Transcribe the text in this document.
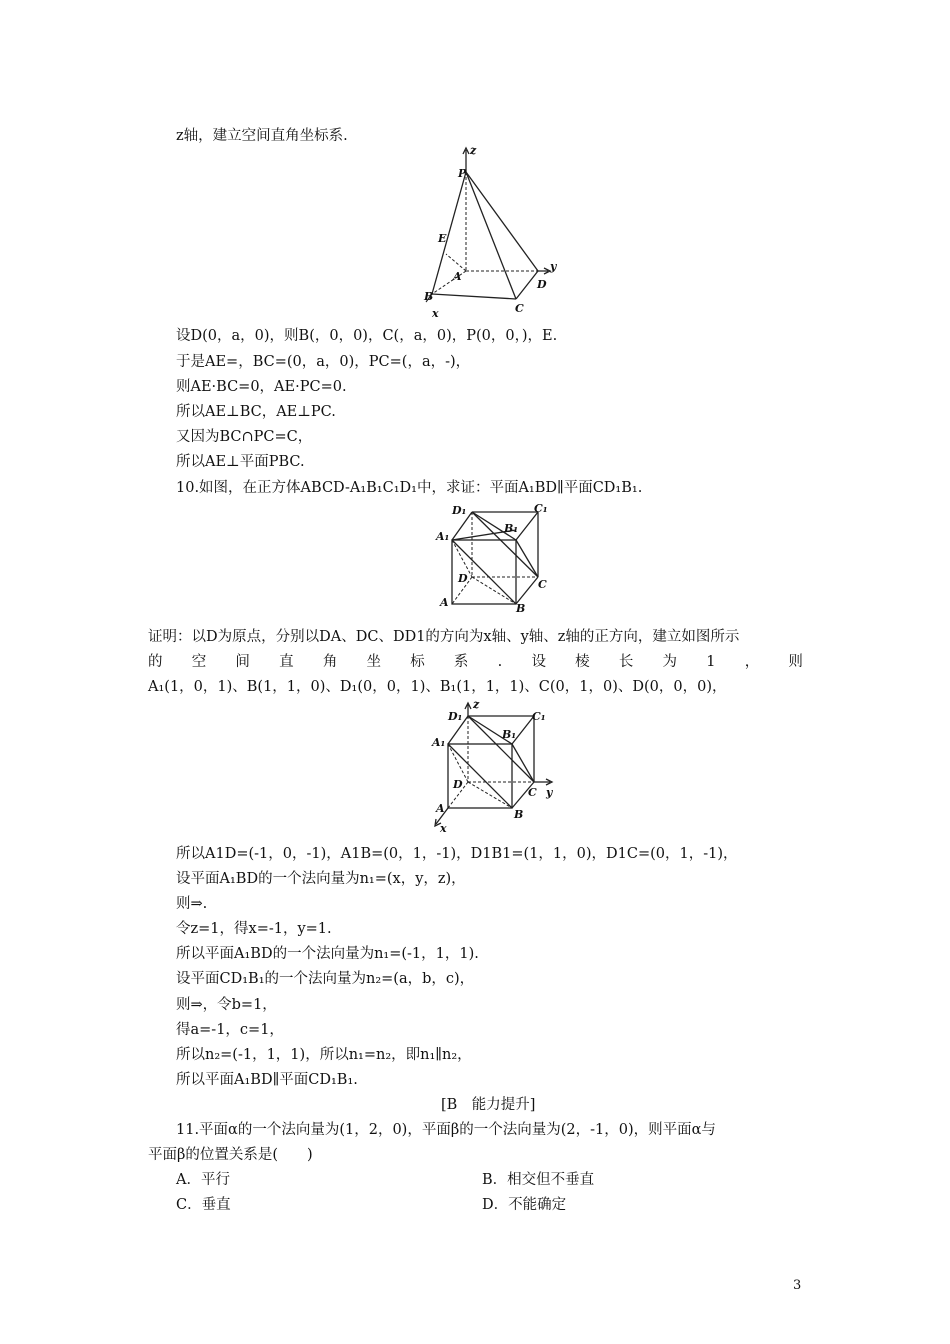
z轴，建立空间直角坐标系.
z
P
E
A
y
D
B
C
x
设D(0，a，0)，则B(，0，0)，C(，a，0)，P(0，0，)，E.
于是AE=，BC=(0，a，0)，PC=(，a，-)，
则AE·BC=0，AE·PC=0.
所以AE⊥BC，AE⊥PC.
又因为BC∩PC=C，
所以AE⊥平面PBC.
10.如图，在正方体ABCD-A₁B₁C₁D₁中，求证：平面A₁BD∥平面CD₁B₁.
D₁	C₁
B₁
A₁
D	C
A	B
证明：以D为原点，分别以DA、DC、DD1的方向为x轴、y轴、z轴的正方向，建立如图所示
的 空 间 直 角 坐 标 系 . 设 棱 长 为 1 ， 则
A₁(1，0，1)、B(1，1，0)、D₁(0，0，1)、B₁(1，1，1)、C(0，1，0)、D(0，0，0)，
z
D₁	C₁
B₁
A₁
D
C y
A	B
x
所以A1D=(-1，0，-1)，A1B=(0，1，-1)，D1B1=(1，1，0)，D1C=(0，1，-1)，
设平面A₁BD的一个法向量为n₁=(x，y，z)，
则⇒.
令z=1，得x=-1，y=1.
所以平面A₁BD的一个法向量为n₁=(-1，1，1).
设平面CD₁B₁的一个法向量为n₂=(a，b，c)，
则⇒，令b=1，
得a=-1，c=1，
所以n₂=(-1，1，1)，所以n₁=n₂，即n₁∥n₂，
所以平面A₁BD∥平面CD₁B₁.
[B　能力提升]
11.平面α的一个法向量为(1，2，0)，平面β的一个法向量为(2，-1，0)，则平面α与
平面β的位置关系是(　　)
A．平行	B．相交但不垂直
C．垂直	D．不能确定
3
